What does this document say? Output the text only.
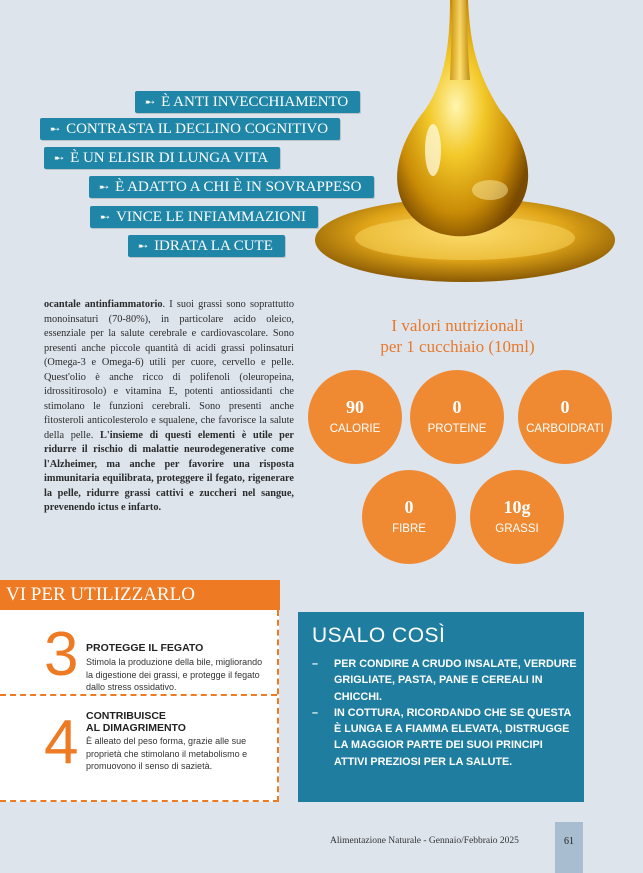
➸ È ANTI INVECCHIAMENTO
➸ CONTRASTA IL DECLINO COGNITIVO
➸ È UN ELISIR DI LUNGA VITA
➸ È ADATTO A CHI È IN SOVRAPPESO
➸ VINCE LE INFIAMMAZIONI
➸ IDRATA LA CUTE
ocantale antinfiammatorio. I suoi grassi sono soprattutto monoinsaturi (70-80%), in particolare acido oleico, essenziale per la salute cerebrale e cardiovascolare. Sono presenti anche piccole quantità di acidi grassi polinsaturi (Omega-3 e Omega-6) utili per cuore, cervello e pelle. Quest'olio è anche ricco di polifenoli (oleuropeina, idrossitirosolo) e vitamina E, potenti antiossidanti che stimolano le funzioni cerebrali. Sono presenti anche fitosteroli anticolesterolo e squalene, che favorisce la salute della pelle. L'insieme di questi elementi è utile per ridurre il rischio di malattie neurodegenerative come l'Alzheimer, ma anche per favorire una risposta immunitaria equilibrata, proteggere il fegato, rigenerare la pelle, ridurre grassi cattivi e zuccheri nel sangue, prevenendo ictus e infarto.
I valori nutrizionali
per 1 cucchiaio (10ml)
90
CALORIE
0
PROTEINE
0
CARBOIDRATI
0
FIBRE
10g
GRASSI
VI PER UTILIZZARLO
3 PROTEGGE IL FEGATO
Stimola la produzione della bile, migliorando la digestione dei grassi, e protegge il fegato dallo stress ossidativo.
4 CONTRIBUISCE
AL DIMAGRIMENTO
È alleato del peso forma, grazie alle sue proprietà che stimolano il metabolismo e promuovono il senso di sazietà.
USALO COSÌ
– PER CONDIRE A CRUDO INSALATE, VERDURE GRIGLIATE, PASTA, PANE E CEREALI IN CHICCHI.
– IN COTTURA, RICORDANDO CHE SE QUESTA È LUNGA E A FIAMMA ELEVATA, DISTRUGGE LA MAGGIOR PARTE DEI SUOI PRINCIPI ATTIVI PREZIOSI PER LA SALUTE.
Alimentazione Naturale - Gennaio/Febbraio 2025	61
